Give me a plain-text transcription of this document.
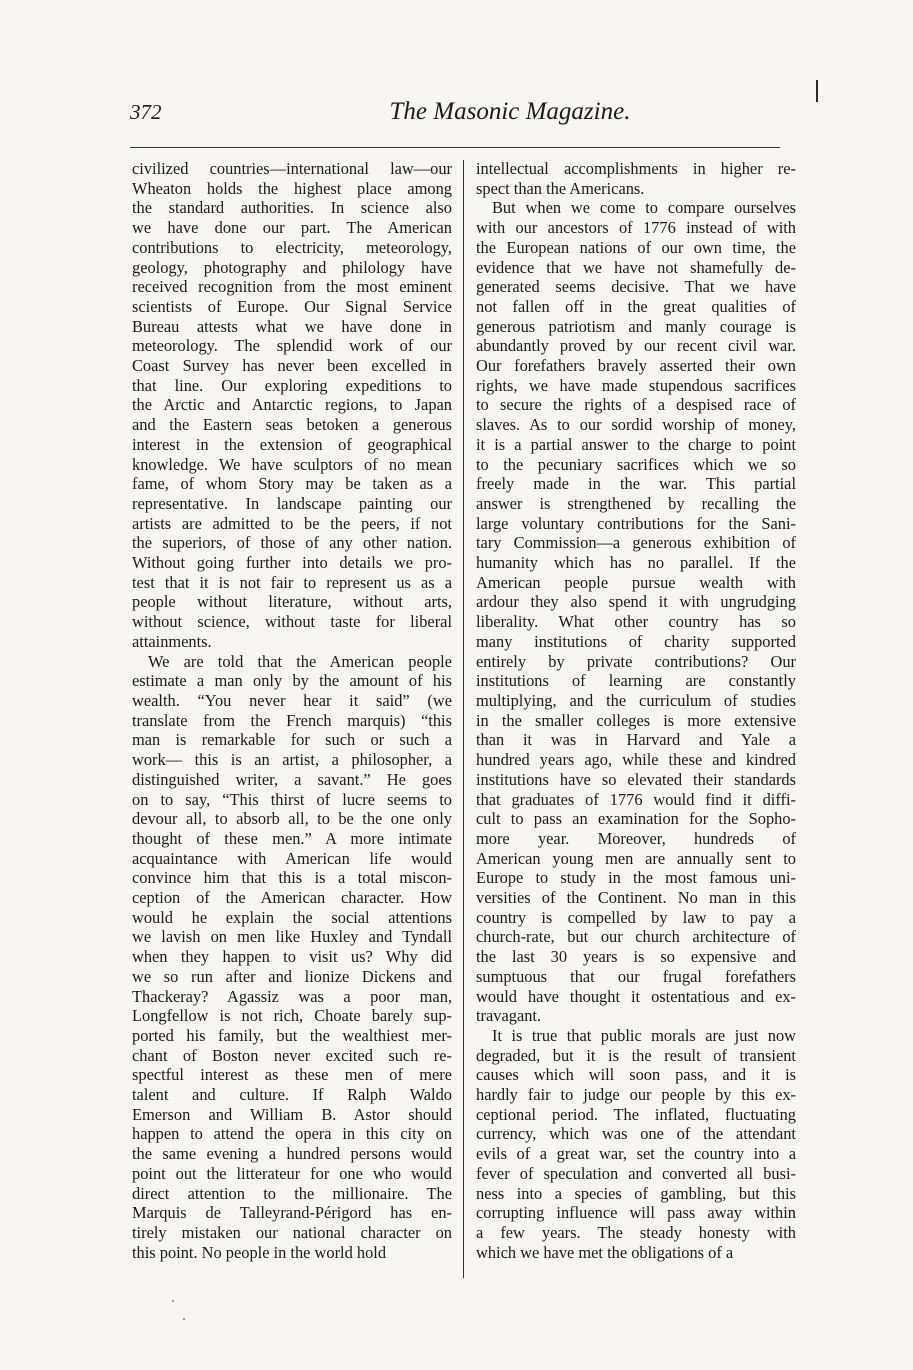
372	The Masonic Magazine.

civilized countries—international law—our
Wheaton holds the highest place among
the standard authorities. In science also
we have done our part. The American
contributions to electricity, meteorology,
geology, photography and philology have
received recognition from the most eminent
scientists of Europe. Our Signal Service
Bureau attests what we have done in
meteorology. The splendid work of our
Coast Survey has never been excelled in
that line. Our exploring expeditions to
the Arctic and Antarctic regions, to Japan
and the Eastern seas betoken a generous
interest in the extension of geographical
knowledge. We have sculptors of no mean
fame, of whom Story may be taken as a
representative. In landscape painting our
artists are admitted to be the peers, if not
the superiors, of those of any other nation.
Without going further into details we pro-
test that it is not fair to represent us as a
people without literature, without arts,
without science, without taste for liberal
attainments.

We are told that the American people
estimate a man only by the amount of his
wealth. “You never hear it said” (we
translate from the French marquis) “this
man is remarkable for such or such a
work— this is an artist, a philosopher, a
distinguished writer, a savant.” He goes
on to say, “This thirst of lucre seems to
devour all, to absorb all, to be the one only
thought of these men.” A more intimate
acquaintance with American life would
convince him that this is a total miscon-
ception of the American character. How
would he explain the social attentions
we lavish on men like Huxley and Tyndall
when they happen to visit us? Why did
we so run after and lionize Dickens and
Thackeray? Agassiz was a poor man,
Longfellow is not rich, Choate barely sup-
ported his family, but the wealthiest mer-
chant of Boston never excited such re-
spectful interest as these men of mere
talent and culture. If Ralph Waldo
Emerson and William B. Astor should
happen to attend the opera in this city on
the same evening a hundred persons would
point out the litterateur for one who would
direct attention to the millionaire. The
Marquis de Talleyrand-Périgord has en-
tirely mistaken our national character on
this point. No people in the world hold

intellectual accomplishments in higher re-
spect than the Americans.

But when we come to compare ourselves
with our ancestors of 1776 instead of with
the European nations of our own time, the
evidence that we have not shamefully de-
generated seems decisive. That we have
not fallen off in the great qualities of
generous patriotism and manly courage is
abundantly proved by our recent civil war.
Our forefathers bravely asserted their own
rights, we have made stupendous sacrifices
to secure the rights of a despised race of
slaves. As to our sordid worship of money,
it is a partial answer to the charge to point
to the pecuniary sacrifices which we so
freely made in the war. This partial
answer is strengthened by recalling the
large voluntary contributions for the Sani-
tary Commission—a generous exhibition of
humanity which has no parallel. If the
American people pursue wealth with
ardour they also spend it with ungrudging
liberality. What other country has so
many institutions of charity supported
entirely by private contributions? Our
institutions of learning are constantly
multiplying, and the curriculum of studies
in the smaller colleges is more extensive
than it was in Harvard and Yale a
hundred years ago, while these and kindred
institutions have so elevated their standards
that graduates of 1776 would find it diffi-
cult to pass an examination for the Sopho-
more year. Moreover, hundreds of
American young men are annually sent to
Europe to study in the most famous uni-
versities of the Continent. No man in this
country is compelled by law to pay a
church-rate, but our church architecture of
the last 30 years is so expensive and
sumptuous that our frugal forefathers
would have thought it ostentatious and ex-
travagant.

It is true that public morals are just now
degraded, but it is the result of transient
causes which will soon pass, and it is
hardly fair to judge our people by this ex-
ceptional period. The inflated, fluctuating
currency, which was one of the attendant
evils of a great war, set the country into a
fever of speculation and converted all busi-
ness into a species of gambling, but this
corrupting influence will pass away within
a few years. The steady honesty with
which we have met the obligations of a
